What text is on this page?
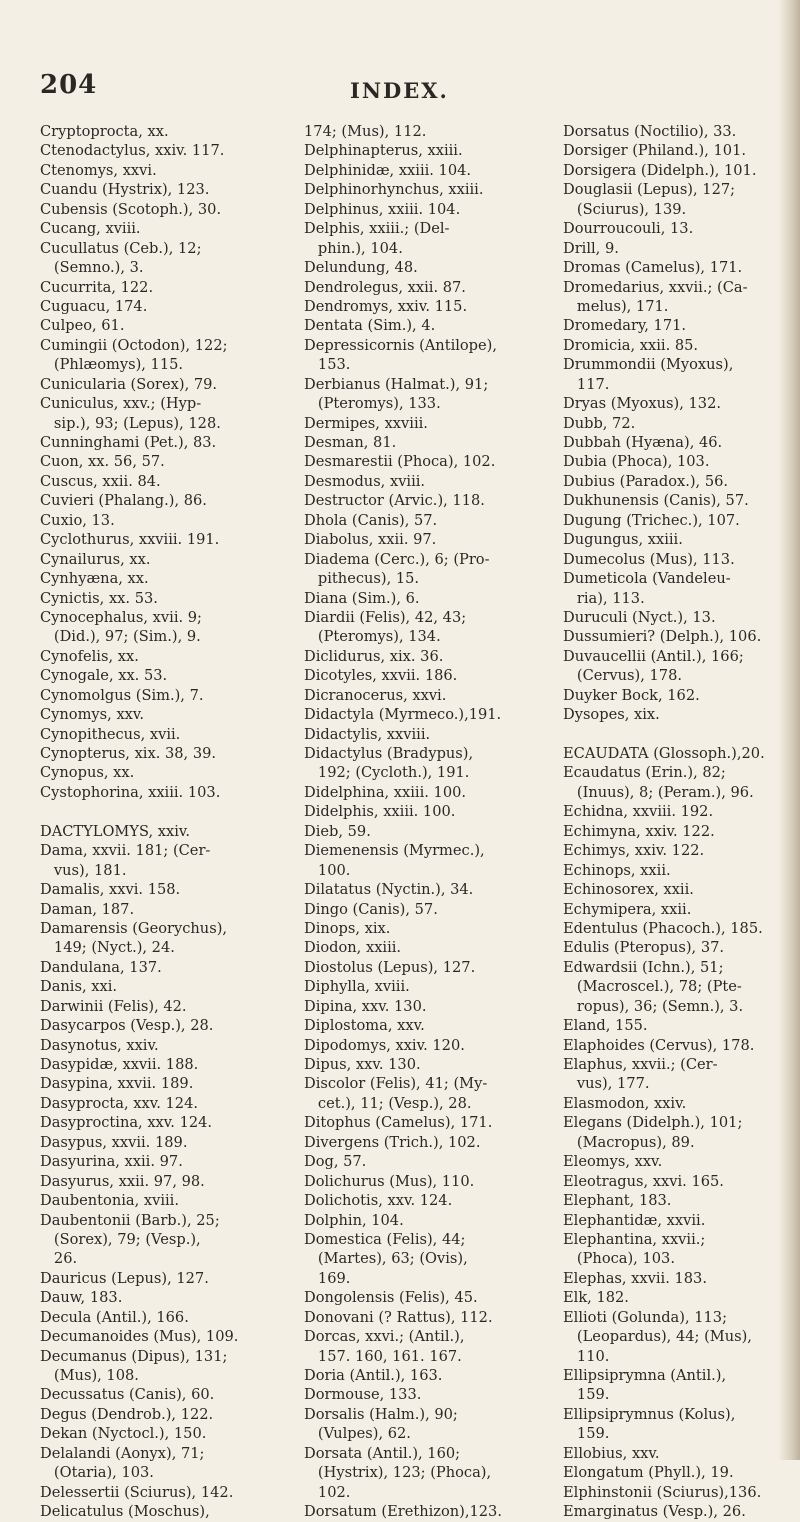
204	INDEX.
Cryptoprocta, xx.
Ctenodactylus, xxiv. 117.
Ctenomys, xxvi.
Cuandu (Hystrix), 123.
Cubensis (Scotoph.), 30.
Cucang, xviii.
Cucullatus (Ceb.), 12;
(Semno.), 3.
Cucurrita, 122.
Cuguacu, 174.
Culpeo, 61.
Cumingii (Octodon), 122;
(Phlæomys), 115.
Cunicularia (Sorex), 79.
Cuniculus, xxv.; (Hyp-
sip.), 93; (Lepus), 128.
Cunninghami (Pet.), 83.
Cuon, xx. 56, 57.
Cuscus, xxii. 84.
Cuvieri (Phalang.), 86.
Cuxio, 13.
Cyclothurus, xxviii. 191.
Cynailurus, xx.
Cynhyæna, xx.
Cynictis, xx. 53.
Cynocephalus, xvii. 9;
(Did.), 97; (Sim.), 9.
Cynofelis, xx.
Cynogale, xx. 53.
Cynomolgus (Sim.), 7.
Cynomys, xxv.
Cynopithecus, xvii.
Cynopterus, xix. 38, 39.
Cynopus, xx.
Cystophorina, xxiii. 103.
DACTYLOMYS, xxiv.
Dama, xxvii. 181; (Cer-
vus), 181.
Damalis, xxvi. 158.
Daman, 187.
Damarensis (Georychus),
149; (Nyct.), 24.
Dandulana, 137.
Danis, xxi.
Darwinii (Felis), 42.
Dasycarpos (Vesp.), 28.
Dasynotus, xxiv.
Dasypidæ, xxvii. 188.
Dasypina, xxvii. 189.
Dasyprocta, xxv. 124.
Dasyproctina, xxv. 124.
Dasypus, xxvii. 189.
Dasyurina, xxii. 97.
Dasyurus, xxii. 97, 98.
Daubentonia, xviii.
Daubentonii (Barb.), 25;
(Sorex), 79; (Vesp.),
26.
Dauricus (Lepus), 127.
Dauw, 183.
Decula (Antil.), 166.
Decumanoides (Mus), 109.
Decumanus (Dipus), 131;
(Mus), 108.
Decussatus (Canis), 60.
Degus (Dendrob.), 122.
Dekan (Nyctocl.), 150.
Delalandi (Aonyx), 71;
(Otaria), 103.
Delessertii (Sciurus), 142.
Delicatulus (Moschus),
174; (Mus), 112.
Delphinapterus, xxiii.
Delphinidæ, xxiii. 104.
Delphinorhynchus, xxiii.
Delphinus, xxiii. 104.
Delphis, xxiii.; (Del-
phin.), 104.
Delundung, 48.
Dendrolegus, xxii. 87.
Dendromys, xxiv. 115.
Dentata (Sim.), 4.
Depressicornis (Antilope),
153.
Derbianus (Halmat.), 91;
(Pteromys), 133.
Dermipes, xxviii.
Desman, 81.
Desmarestii (Phoca), 102.
Desmodus, xviii.
Destructor (Arvic.), 118.
Dhola (Canis), 57.
Diabolus, xxii. 97.
Diadema (Cerc.), 6; (Pro-
pithecus), 15.
Diana (Sim.), 6.
Diardii (Felis), 42, 43;
(Pteromys), 134.
Diclidurus, xix. 36.
Dicotyles, xxvii. 186.
Dicranocerus, xxvi.
Didactyla (Myrmeco.),191.
Didactylis, xxviii.
Didactylus (Bradypus),
192; (Cycloth.), 191.
Didelphina, xxiii. 100.
Didelphis, xxiii. 100.
Dieb, 59.
Diemenensis (Myrmec.),
100.
Dilatatus (Nyctin.), 34.
Dingo (Canis), 57.
Dinops, xix.
Diodon, xxiii.
Diostolus (Lepus), 127.
Diphylla, xviii.
Dipina, xxv. 130.
Diplostoma, xxv.
Dipodomys, xxiv. 120.
Dipus, xxv. 130.
Discolor (Felis), 41; (My-
cet.), 11; (Vesp.), 28.
Ditophus (Camelus), 171.
Divergens (Trich.), 102.
Dog, 57.
Dolichurus (Mus), 110.
Dolichotis, xxv. 124.
Dolphin, 104.
Domestica (Felis), 44;
(Martes), 63; (Ovis),
169.
Dongolensis (Felis), 45.
Donovani (? Rattus), 112.
Dorcas, xxvi.; (Antil.),
157. 160, 161. 167.
Doria (Antil.), 163.
Dormouse, 133.
Dorsalis (Halm.), 90;
(Vulpes), 62.
Dorsata (Antil.), 160;
(Hystrix), 123; (Phoca),
102.
Dorsatum (Erethizon),123.
Dorsatus (Noctilio), 33.
Dorsiger (Philand.), 101.
Dorsigera (Didelph.), 101.
Douglasii (Lepus), 127;
(Sciurus), 139.
Dourroucouli, 13.
Drill, 9.
Dromas (Camelus), 171.
Dromedarius, xxvii.; (Ca-
melus), 171.
Dromedary, 171.
Dromicia, xxii. 85.
Drummondii (Myoxus),
117.
Dryas (Myoxus), 132.
Dubb, 72.
Dubbah (Hyæna), 46.
Dubia (Phoca), 103.
Dubius (Paradox.), 56.
Dukhunensis (Canis), 57.
Dugung (Trichec.), 107.
Dugungus, xxiii.
Dumecolus (Mus), 113.
Dumeticola (Vandeleu-
ria), 113.
Duruculi (Nyct.), 13.
Dussumieri? (Delph.), 106.
Duvaucellii (Antil.), 166;
(Cervus), 178.
Duyker Bock, 162.
Dysopes, xix.
ECAUDATA (Glossoph.),20.
Ecaudatus (Erin.), 82;
(Inuus), 8; (Peram.), 96.
Echidna, xxviii. 192.
Echimyna, xxiv. 122.
Echimys, xxiv. 122.
Echinops, xxii.
Echinosorex, xxii.
Echymipera, xxii.
Edentulus (Phacoch.), 185.
Edulis (Pteropus), 37.
Edwardsii (Ichn.), 51;
(Macroscel.), 78; (Pte-
ropus), 36; (Semn.), 3.
Eland, 155.
Elaphoides (Cervus), 178.
Elaphus, xxvii.; (Cer-
vus), 177.
Elasmodon, xxiv.
Elegans (Didelph.), 101;
(Macropus), 89.
Eleomys, xxv.
Eleotragus, xxvi. 165.
Elephant, 183.
Elephantidæ, xxvii.
Elephantina, xxvii.;
(Phoca), 103.
Elephas, xxvii. 183.
Elk, 182.
Ellioti (Golunda), 113;
(Leopardus), 44; (Mus),
110.
Ellipsiprymna (Antil.),
159.
Ellipsiprymnus (Kolus),
159.
Ellobius, xxv.
Elongatum (Phyll.), 19.
Elphinstonii (Sciurus),136.
Emarginatus (Vesp.), 26.
